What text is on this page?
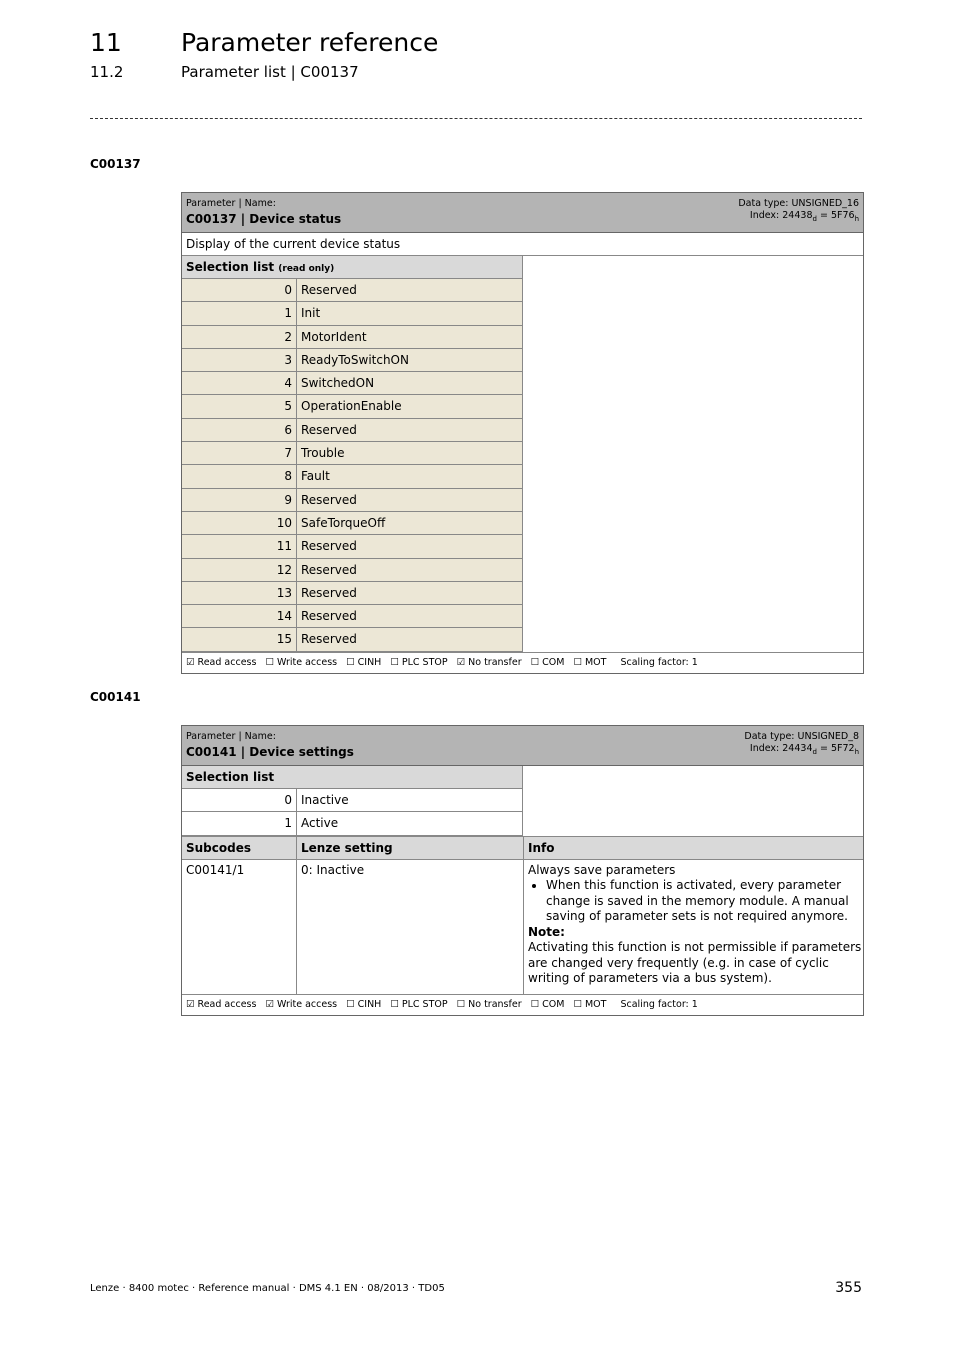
11 Parameter reference
11.2	Parameter list | C00137
C00137
Parameter | Name:
C00137 | Device status
Data type: UNSIGNED_16
Index: $24438_d = 5F76_h$
Display of the current device status
Selection list (read only)
0 Reserved
1 Init
2 MotorIdent
3 ReadyToSwitchON
4 SwitchedON
5 OperationEnable
6 Reserved
7 Trouble
8 Fault
9 Reserved
10 SafeTorqueOff
11 Reserved
12 Reserved
13 Reserved
14 Reserved
15 Reserved
☑ Read access ☐ Write access ☐ CINH ☐ PLC STOP ☑ No transfer ☐ COM ☐ MOT Scaling factor: 1
C00141
Parameter | Name:
C00141 | Device settings
Data type: UNSIGNED_8
Index: $24434_d = 5F72_h$
Selection list
0 Inactive
1 Active
Subcodes	Lenze setting	Info
C00141/1	0: Inactive	Always save parameters

• When this function is activated, every parameter change is saved in the memory module. A manual saving of parameter sets is not required anymore.

Note:

Activating this function is not permissible if parameters are changed very frequently (e.g. in case of cyclic writing of parameters via a bus system).

☑ Read access ☑ Write access ☐ CINH ☐ PLC STOP ☐ No transfer ☐ COM ☐ MOT Scaling factor: 1
Lenze · 8400 motec · Reference manual · DMS 4.1 EN · 08/2013 · TD05	355
